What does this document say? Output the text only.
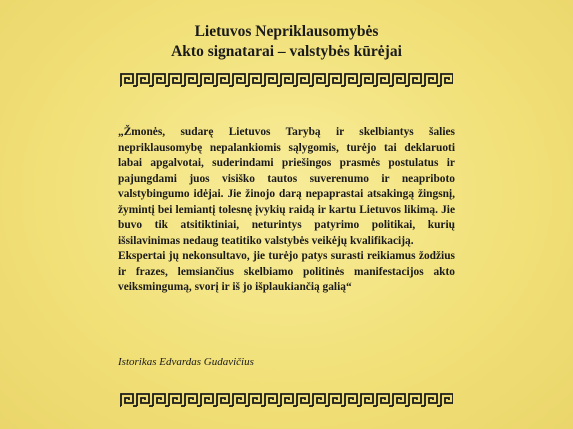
Lietuvos Nepriklausomybės
Akto signatarai – valstybės kūrėjai

„Žmonės, sudarę Lietuvos Tarybą ir skelbiantys šalies nepriklausomybę nepalankiomis sąlygomis, turėjo tai deklaruoti labai apgalvotai, suderindami priešingos prasmės postulatus ir pajungdami juos visiško tautos suverenumo ir neapriboto valstybingumo idėjai. Jie žinojo darą nepaprastai atsakingą žingsnį, žymintį bei lemiantį tolesnę įvykių raidą ir kartu Lietuvos likimą. Jie buvo tik atsitiktiniai, neturintys patyrimo politikai, kurių išsilavinimas nedaug teatitiko valstybės veikėjų kvalifikaciją.

Ekspertai jų nekonsultavo, jie turėjo patys surasti reikiamus žodžius ir frazes, lemsiančius skelbiamo politinės manifestacijos akto veiksmingumą, svorį ir iš jo išplaukiančią galią“

Istorikas Edvardas Gudavičius
